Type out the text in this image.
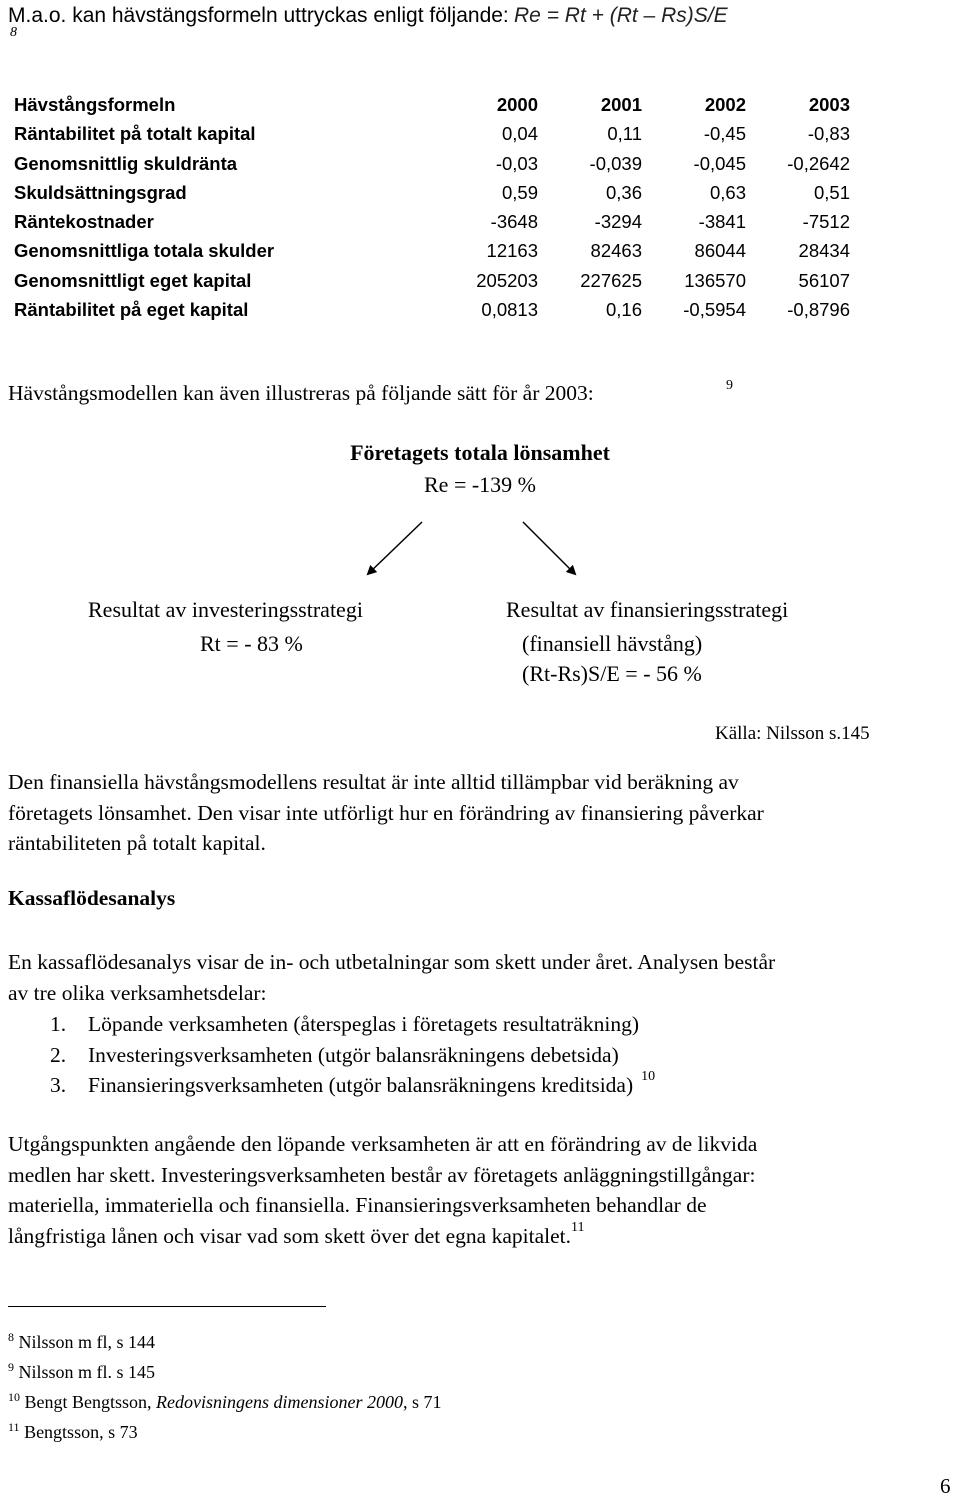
M.a.o. kan hävstängsformeln uttryckas enligt följande: Re = Rt + (Rt – Rs)S/E
8
Hävstångsformeln	2000	2001	2002	2003
Räntabilitet på totalt kapital	0,04	0,11	-0,45	-0,83
Genomsnittlig skuldränta	-0,03	-0,039	-0,045	-0,2642
Skuldsättningsgrad	0,59	0,36	0,63	0,51
Räntekostnader	-3648	-3294	-3841	-7512
Genomsnittliga totala skulder	12163	82463	86044	28434
Genomsnittligt eget kapital	205203	227625	136570	56107
Räntabilitet på eget kapital	0,0813	0,16	-0,5954	-0,8796
Hävstångsmodellen kan även illustreras på följande sätt för år 2003:	9
Företagets totala lönsamhet
Re = -139 %
Resultat av investeringsstrategi
Rt = - 83 %
Resultat av finansieringsstrategi
(finansiell hävstång)
(Rt-Rs)S/E = - 56 %
Källa: Nilsson s.145
Den finansiella hävstångsmodellens resultat är inte alltid tillämpbar vid beräkning av
företagets lönsamhet. Den visar inte utförligt hur en förändring av finansiering påverkar
räntabiliteten på totalt kapital.
Kassaflödesanalys
En kassaflödesanalys visar de in- och utbetalningar som skett under året. Analysen består
av tre olika verksamhetsdelar:
1. Löpande verksamheten (återspeglas i företagets resultaträkning)
2. Investeringsverksamheten (utgör balansräkningens debetsida)
3. Finansieringsverksamheten (utgör balansräkningens kreditsida) $^{10}$
Utgångspunkten angående den löpande verksamheten är att en förändring av de likvida
medlen har skett. Investeringsverksamheten består av företagets anläggningstillgångar:
materiella, immateriella och finansiella. Finansieringsverksamheten behandlar de
långfristiga lånen och visar vad som skett över det egna kapitalet.$^{11}$
$^8$ Nilsson m fl, s 144
$^9$ Nilsson m fl. s 145
$^{10}$ Bengt Bengtsson, Redovisningens dimensioner 2000, s 71
$^{11}$ Bengtsson, s 73
6
